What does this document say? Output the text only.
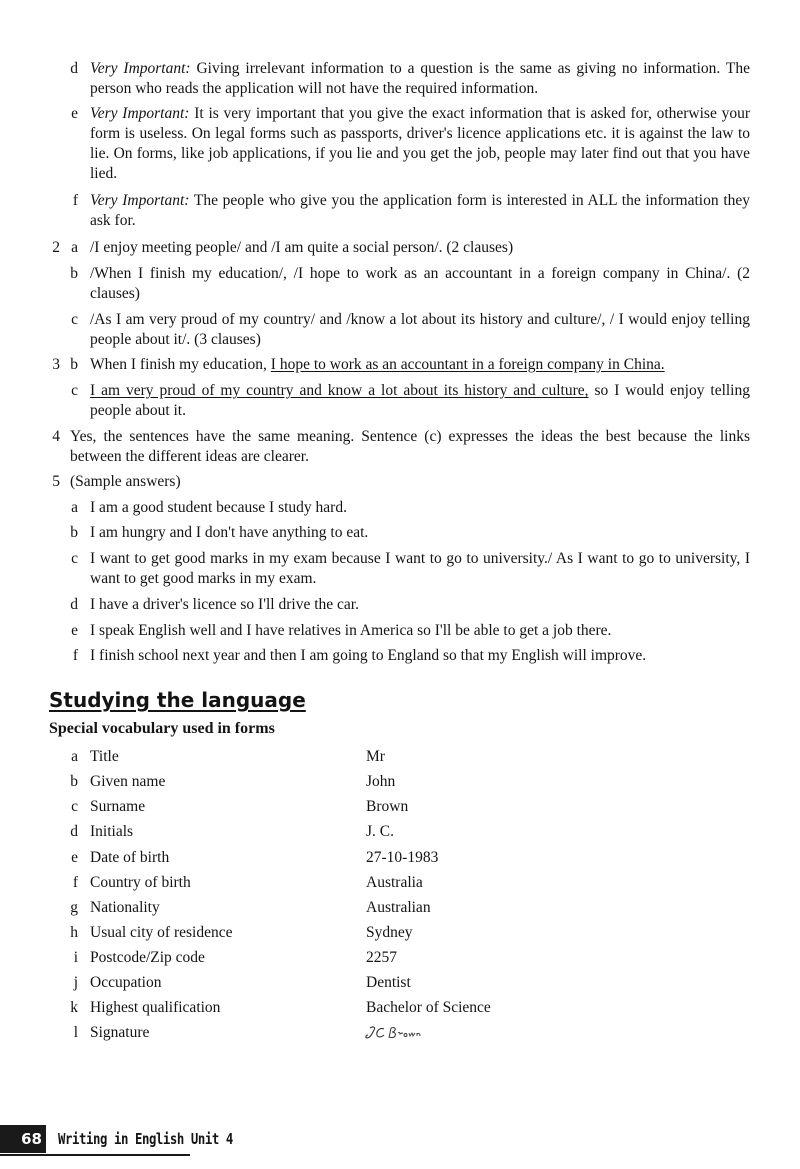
d Very Important: Giving irrelevant information to a question is the same as giving no information. The person who reads the application will not have the required information.
e Very Important: It is very important that you give the exact information that is asked for, otherwise your form is useless. On legal forms such as passports, driver's licence applications etc. it is against the law to lie. On forms, like job applications, if you lie and you get the job, people may later find out that you have lied.
f Very Important: The people who give you the application form is interested in ALL the information they ask for.
2 a /I enjoy meeting people/ and /I am quite a social person/. (2 clauses)
b /When I finish my education/, /I hope to work as an accountant in a foreign company in China/. (2 clauses)
c /As I am very proud of my country/ and /know a lot about its history and culture/, / I would enjoy telling people about it/. (3 clauses)
3 b When I finish my education, I hope to work as an accountant in a foreign company in China.
c I am very proud of my country and know a lot about its history and culture, so I would enjoy telling people about it.
4 Yes, the sentences have the same meaning. Sentence (c) expresses the ideas the best because the links between the different ideas are clearer.
5 (Sample answers)
a I am a good student because I study hard.
b I am hungry and I don't have anything to eat.
c I want to get good marks in my exam because I want to go to university./ As I want to go to university, I want to get good marks in my exam.
d I have a driver's licence so I'll drive the car.
e I speak English well and I have relatives in America so I'll be able to get a job there.
f I finish school next year and then I am going to England so that my English will improve.
Studying the language
Special vocabulary used in forms
a Title	Mr
b Given name	John
c Surname	Brown
d Initials	J. C.
e Date of birth	27-10-1983
f Country of birth	Australia
g Nationality	Australian
h Usual city of residence	Sydney
i Postcode/Zip code	2257
j Occupation	Dentist
k Highest qualification	Bachelor of Science
l Signature
68 Writing in English Unit 4
